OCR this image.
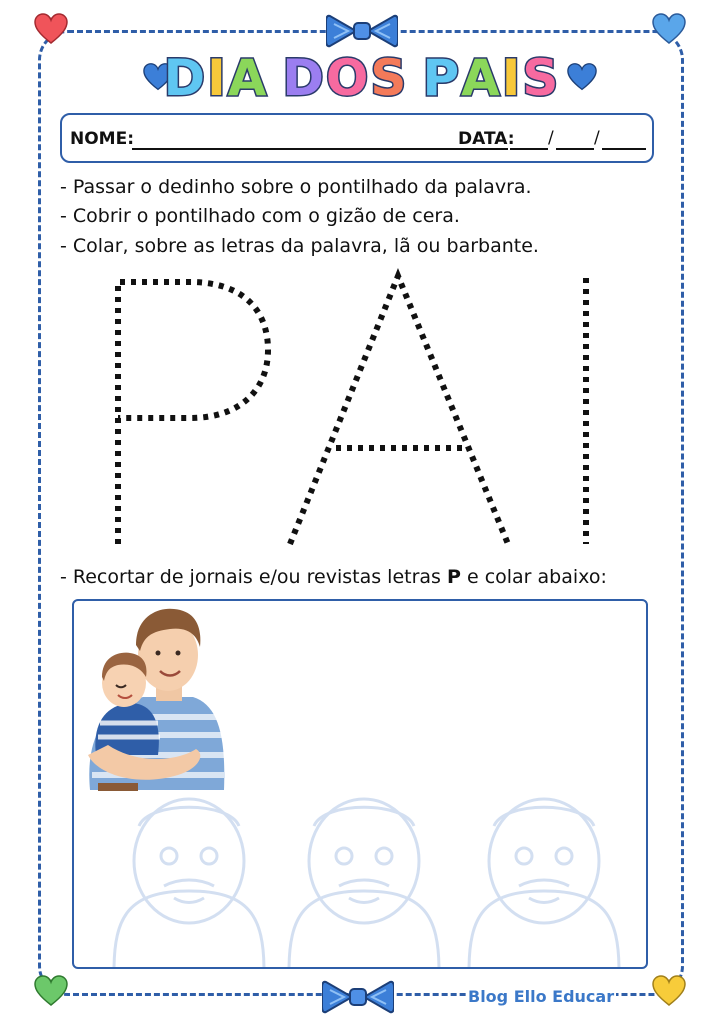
DIA DOS PAIS
NOME:	DATA: / /
- Passar o dedinho sobre o pontilhado da palavra.
- Cobrir o pontilhado com o gizão de cera.
- Colar, sobre as letras da palavra, lã ou barbante.
- Recortar de jornais e/ou revistas letras P e colar abaixo:
Blog Ello Educar
